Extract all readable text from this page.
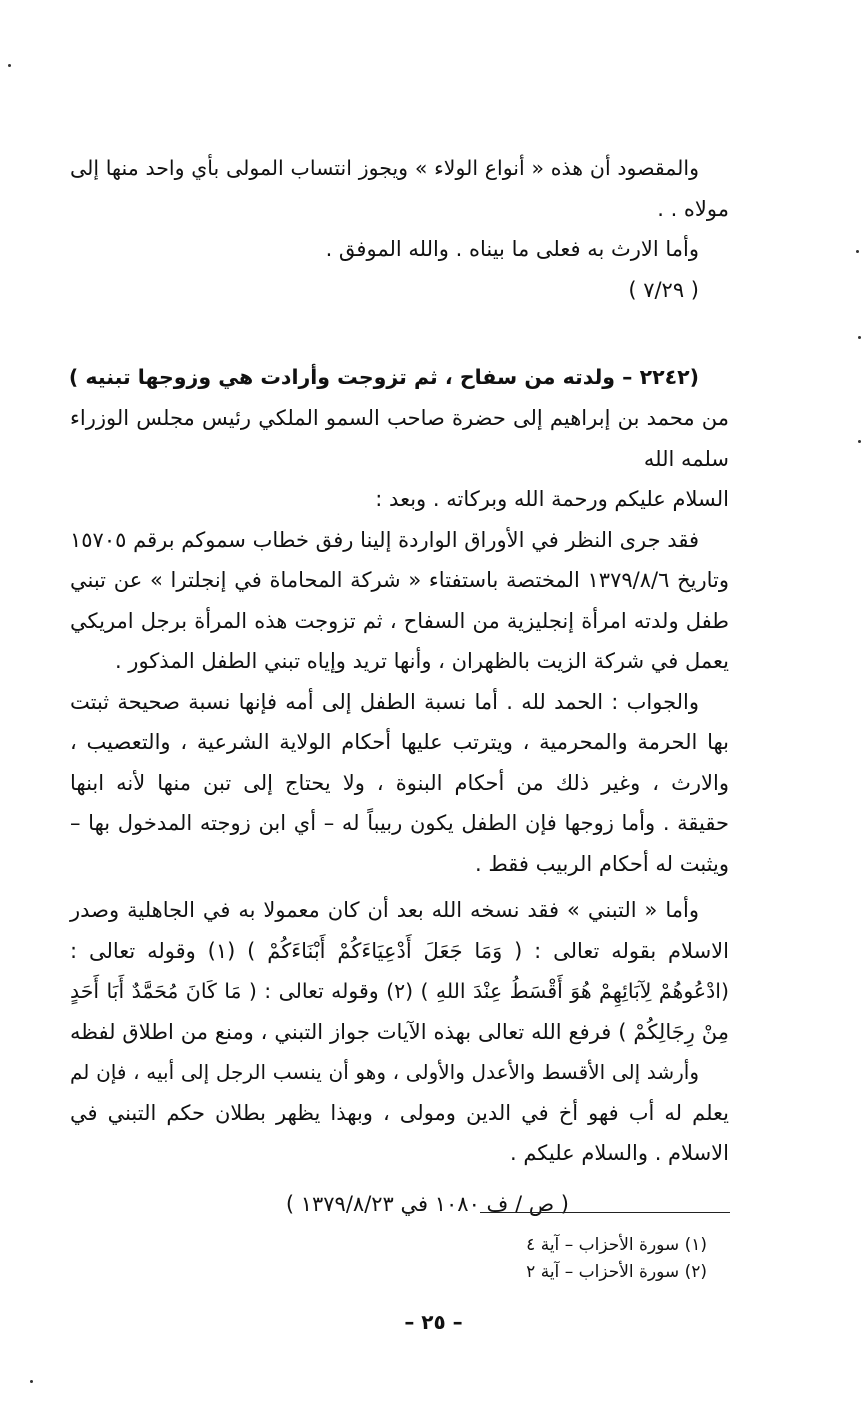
والمقصود أن هذه « أنواع الولاء » ويجوز انتساب المولى بأي واحد منها إلى
مولاه . .
وأما الارث به فعلى ما بيناه . والله الموفق .
( ٧/٢٩ )
(٢٢٤٢ – ولدته من سفاح ، ثم تزوجت وأرادت هي وزوجها تبنيه )
من محمد بن إبراهيم إلى حضرة صاحب السمو الملكي رئيس مجلس الوزراء
سلمه الله
السلام عليكم ورحمة الله وبركاته . وبعد :
فقد جرى النظر في الأوراق الواردة إلينا رفق خطاب سموكم برقم ١٥٧٠٥
وتاريخ ١٣٧٩/٨/٦ المختصة باستفتاء « شركة المحاماة في إنجلترا » عن تبني
طفل ولدته امرأة إنجليزية من السفاح ، ثم تزوجت هذه المرأة برجل امريكي
يعمل في شركة الزيت بالظهران ، وأنها تريد وإياه تبني الطفل المذكور .
والجواب : الحمد لله . أما نسبة الطفل إلى أمه فإنها نسبة صحيحة ثبتت
بها الحرمة والمحرمية ، ويترتب عليها أحكام الولاية الشرعية ، والتعصيب ،
والارث ، وغير ذلك من أحكام البنوة ، ولا يحتاج إلى تبن منها لأنه ابنها
حقيقة . وأما زوجها فإن الطفل يكون ربيباً له – أي ابن زوجته المدخول بها –
ويثبت له أحكام الربيب فقط .
وأما « التبني » فقد نسخه الله بعد أن كان معمولا به في الجاهلية وصدر
الاسلام بقوله تعالى : ( وَمَا جَعَلَ أَدْعِيَاءَكُمْ أَبْنَاءَكُمْ ) (١) وقوله تعالى :
(ادْعُوهُمْ لِآبَائِهِمْ هُوَ أَقْسَطُ عِنْدَ اللهِ ) (٢) وقوله تعالى : ( مَا كَانَ مُحَمَّدٌ أَبَا أَحَدٍ
مِنْ رِجَالِكُمْ ) فرفع الله تعالى بهذه الآيات جواز التبني ، ومنع من اطلاق لفظه
وأرشد إلى الأقسط والأعدل والأولى ، وهو أن ينسب الرجل إلى أبيه ، فإن لم
يعلم له أب فهو أخ في الدين ومولى ، وبهذا يظهر بطلان حكم التبني في
الاسلام . والسلام عليكم .
( ص / ف ١٠٨٠ في ١٣٧٩/٨/٢٣ )
(١) سورة الأحزاب – آية ٤
(٢) سورة الأحزاب – آية ٢
– ٢٥ –
